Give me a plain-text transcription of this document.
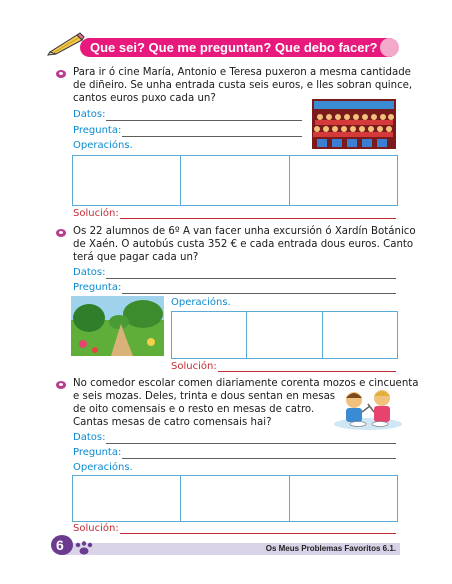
Que sei? Que me preguntan? Que debo facer?
Para ir ó cine María, Antonio e Teresa puxeron a mesma cantidade
de diñeiro. Se unha entrada custa seis euros, e lles sobran quince,
cantos euros puxo cada un?
Datos:
Pregunta:
Operacións.
Solución:
Os 22 alumnos de 6º A van facer unha excursión ó Xardín Botánico
de Xaén. O autobús custa 352 € e cada entrada dous euros. Canto
terá que pagar cada un?
Datos:
Pregunta:
Operacións.
Solución:
No comedor escolar comen diariamente corenta mozos e cincuenta
e seis mozas. Deles, trinta e dous sentan en mesas
de oito comensais e o resto en mesas de catro.
Cantas mesas de catro comensais hai?
Datos:
Pregunta:
Operacións.
Solución:
6	Os Meus Problemas Favoritos 6.1.
